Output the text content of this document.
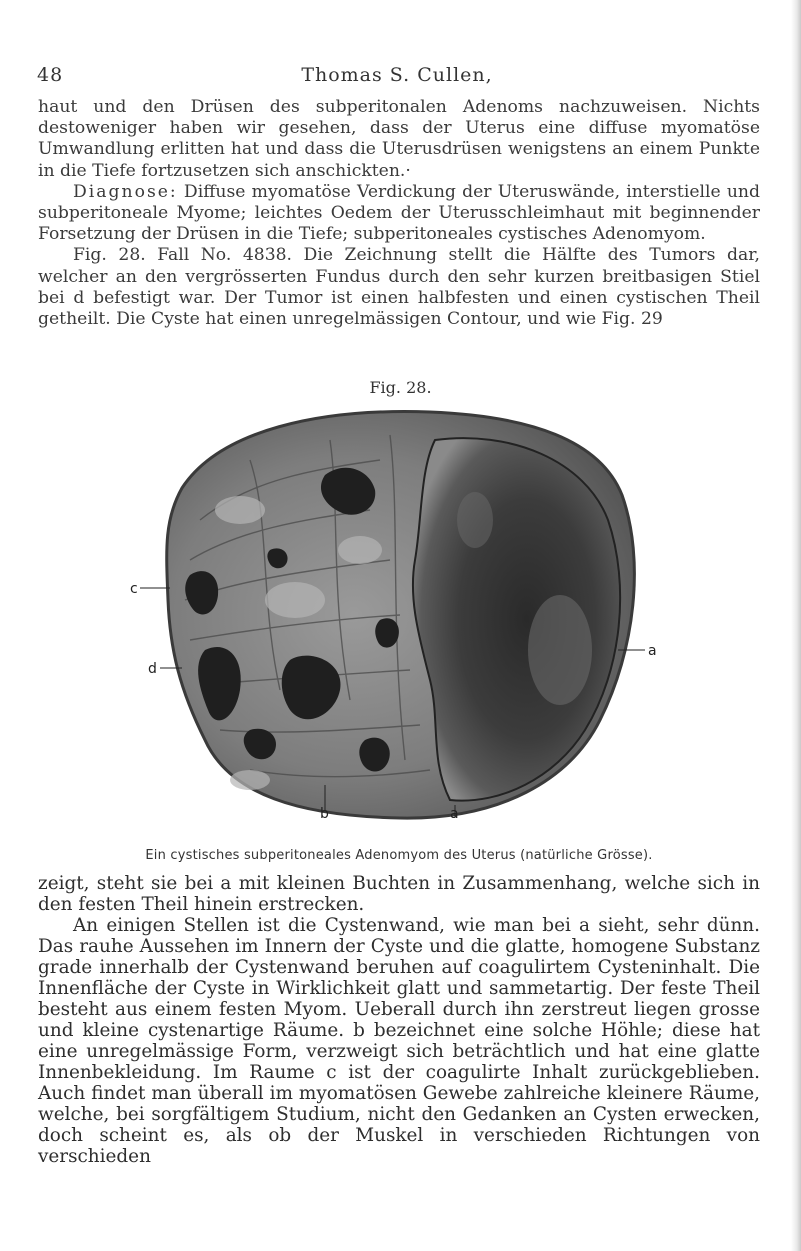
48	Thomas S. Cullen,

haut und den Drüsen des subperitonalen Adenoms nachzuweisen. Nichts destoweniger haben wir gesehen, dass der Uterus eine diffuse myomatöse Umwandlung erlitten hat und dass die Uterusdrüsen wenigstens an einem Punkte in die Tiefe fortzusetzen sich anschickten.·

Diagnose: Diffuse myomatöse Verdickung der Uteruswände, interstielle und subperitoneale Myome; leichtes Oedem der Uterusschleimhaut mit beginnender Forsetzung der Drüsen in die Tiefe; subperitoneales cystisches Adenomyom.

Fig. 28. Fall No. 4838. Die Zeichnung stellt die Hälfte des Tumors dar, welcher an den vergrösserten Fundus durch den sehr kurzen breitbasigen Stiel bei d befestigt war. Der Tumor ist einen halbfesten und einen cystischen Theil getheilt. Die Cyste hat einen unregelmässigen Contour, und wie Fig. 29

Fig. 28.
c
a
d
b	a
Ein cystisches subperitoneales Adenomyom des Uterus (natürliche Grösse).

zeigt, steht sie bei a mit kleinen Buchten in Zusammenhang, welche sich in den festen Theil hinein erstrecken.

An einigen Stellen ist die Cystenwand, wie man bei a sieht, sehr dünn. Das rauhe Aussehen im Innern der Cyste und die glatte, homogene Substanz grade innerhalb der Cystenwand beruhen auf coagulirtem Cysteninhalt. Die Innenfläche der Cyste in Wirklichkeit glatt und sammetartig. Der feste Theil besteht aus einem festen Myom. Ueberall durch ihn zerstreut liegen grosse und kleine cystenartige Räume. b bezeichnet eine solche Höhle; diese hat eine unregelmässige Form, verzweigt sich beträchtlich und hat eine glatte Innenbekleidung. Im Raume c ist der coagulirte Inhalt zurückgeblieben. Auch findet man überall im myomatösen Gewebe zahlreiche kleinere Räume, welche, bei sorgfältigem Studium, nicht den Gedanken an Cysten erwecken, doch scheint es, als ob der Muskel in verschieden Richtungen von verschieden
